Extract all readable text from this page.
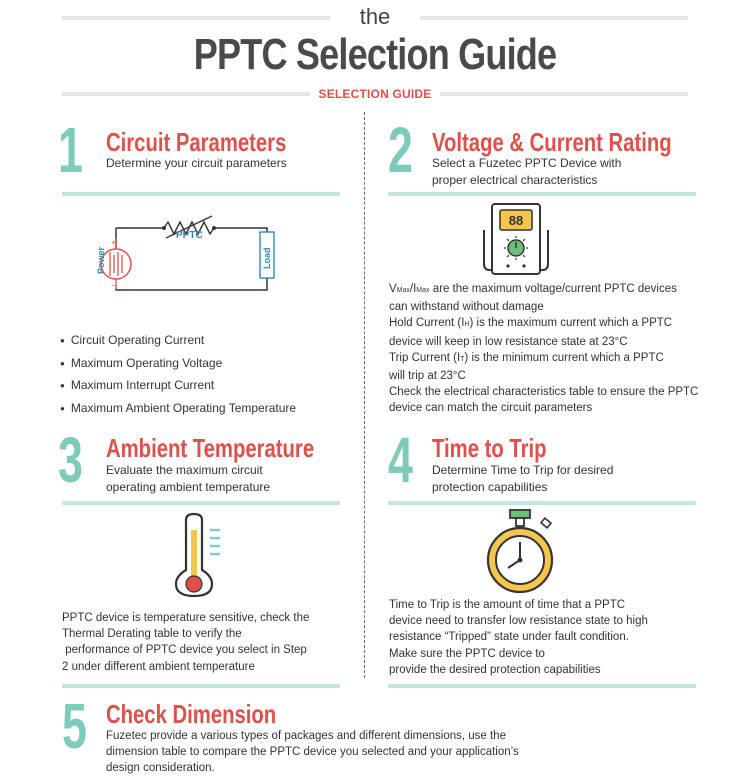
the
PPTC Selection Guide
SELECTION GUIDE
1 Circuit Parameters
Determine your circuit parameters
PPTC
+
−
Power	Load
● Circuit Operating Current
● Maximum Operating Voltage
● Maximum Interrupt Current
● Maximum Ambient Operating Temperature
2 Voltage & Current Rating
Select a Fuzetec PPTC Device with
proper electrical characteristics
88

VMax/IMax are the maximum voltage/current PPTC devices

can withstand without damage

Hold Current (IH) is the maximum current which a PPTC

device will keep in low resistance state at 23°C

Trip Current (IT) is the minimum current which a PPTC

will trip at 23°C

Check the electrical characteristics table to ensure the PPTC

device can match the circuit parameters

3 Ambient Temperature
Evaluate the maximum circuit
operating ambient temperature

PPTC device is temperature sensitive, check the

Thermal Derating table to verify the

performance of PPTC device you select in Step

2 under different ambient temperature

4 Time to Trip
Determine Time to Trip for desired
protection capabilities

Time to Trip is the amount of time that a PPTC

device need to transfer low resistance state to high

resistance “Tripped” state under fault condition.

Make sure the PPTC device to

provide the desired protection capabilities

5 Check Dimension

Fuzetec provide a various types of packages and different dimensions, use the

dimension table to compare the PPTC device you selected and your application’s

design consideration.
